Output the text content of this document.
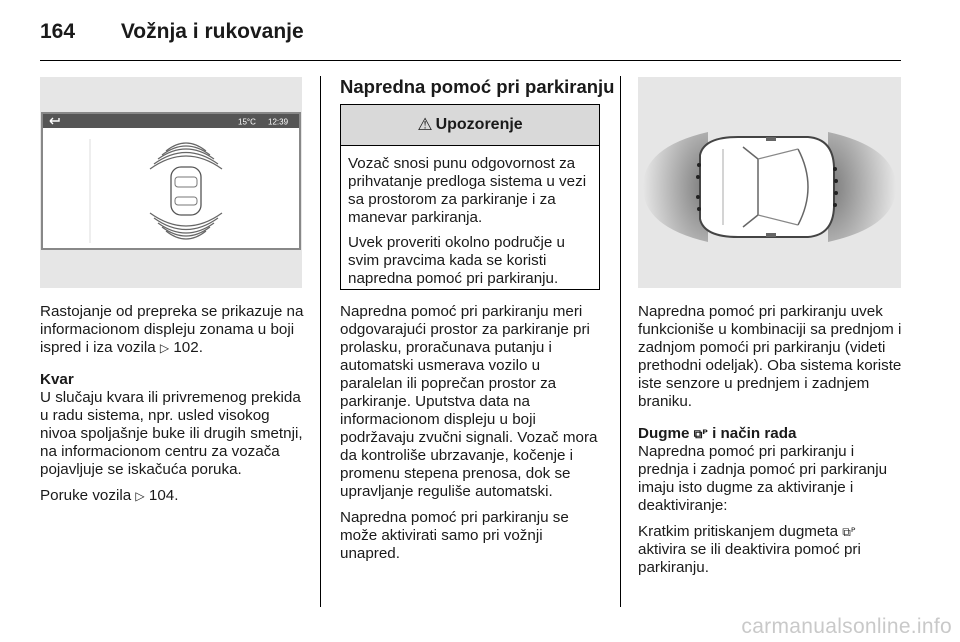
164 Vožnja i rukovanje
15°C 12:39

Rastojanje od prepreka se prikazuje na informacionom displeju zonama u boji ispred i iza vozila ▷ 102.

Kvar

U slučaju kvara ili privremenog prekida u radu sistema, npr. usled visokog nivoa spoljašnje buke ili drugih smetnji, na informacionom centru za vozača pojavljuje se iskačuća poruka.

Poruke vozila ▷ 104.

Napredna pomoć pri parkiranju
⚠ Upozorenje

Vozač snosi punu odgovornost za prihvatanje predloga sistema u vezi sa prostorom za parkiranje i za manevar parkiranja.

Uvek proveriti okolno područje u svim pravcima kada se koristi napredna pomoć pri parkiranju.

Napredna pomoć pri parkiranju meri odgovarajući prostor za parkiranje pri prolasku, proračunava putanju i automatski usmerava vozilo u paralelan ili poprečan prostor za parkiranje. Uputstva data na informacionom displeju u boji podržavaju zvučni signali. Vozač mora da kontroliše ubrzavanje, kočenje i promenu stepena prenosa, dok se upravljanje reguliše automatski.

Napredna pomoć pri parkiranju se može aktivirati samo pri vožnji unapred.

Napredna pomoć pri parkiranju uvek funkcioniše u kombinaciji sa prednjom i zadnjom pomoći pri parkiranju (videti prethodni odeljak). Oba sistema koriste iste senzore u prednjem i zadnjem braniku.

Dugme ⧉ᴾ i način rada

Napredna pomoć pri parkiranju i prednja i zadnja pomoć pri parkiranju imaju isto dugme za aktiviranje i deaktiviranje:

Kratkim pritiskanjem dugmeta ⧉ᴾ aktivira se ili deaktivira pomoć pri parkiranju.

carmanualsonline.info
